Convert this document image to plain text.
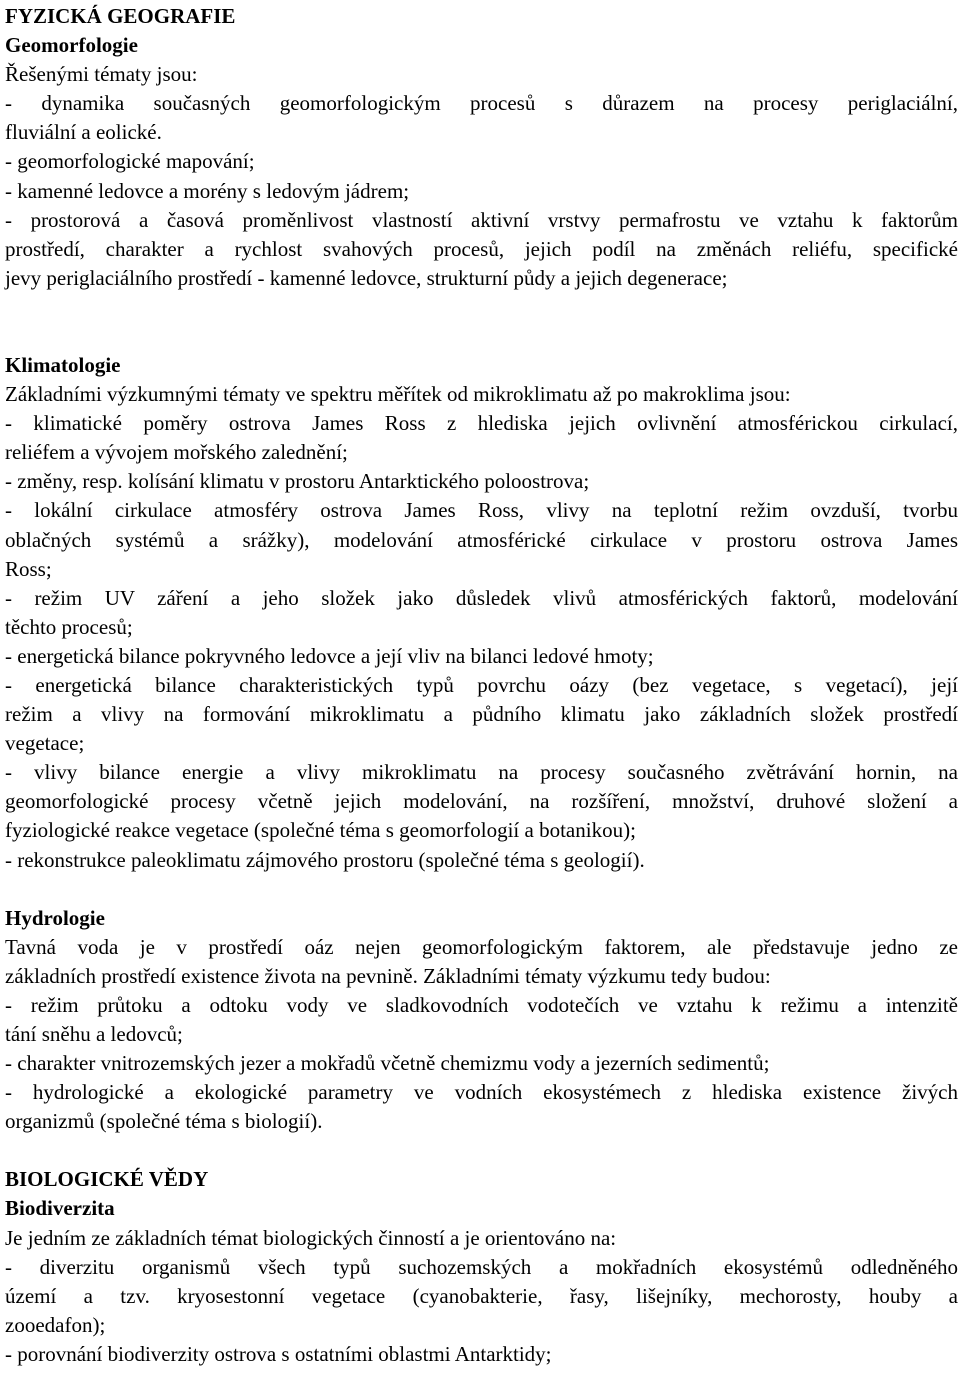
FYZICKÁ GEOGRAFIE
Geomorfologie
Řešenými tématy jsou:
- dynamika současných geomorfologickým procesů s důrazem na procesy periglaciální,
fluviální a eolické.
- geomorfologické mapování;
- kamenné ledovce a morény s ledovým jádrem;
- prostorová a časová proměnlivost vlastností aktivní vrstvy permafrostu ve vztahu k faktorům
prostředí, charakter a rychlost svahových procesů, jejich podíl na změnách reliéfu, specifické
jevy periglaciálního prostředí - kamenné ledovce, strukturní půdy a jejich degenerace;
Klimatologie
Základními výzkumnými tématy ve spektru měřítek od mikroklimatu až po makroklima jsou:
- klimatické poměry ostrova James Ross z hlediska jejich ovlivnění atmosférickou cirkulací,
reliéfem a vývojem mořského zalednění;
- změny, resp. kolísání klimatu v prostoru Antarktického poloostrova;
- lokální cirkulace atmosféry ostrova James Ross, vlivy na teplotní režim ovzduší, tvorbu
oblačných systémů a srážky), modelování atmosférické cirkulace v prostoru ostrova James
Ross;
- režim UV záření a jeho složek jako důsledek vlivů atmosférických faktorů, modelování
těchto procesů;
- energetická bilance pokryvného ledovce a její vliv na bilanci ledové hmoty;
- energetická bilance charakteristických typů povrchu oázy (bez vegetace, s vegetací), její
režim a vlivy na formování mikroklimatu a půdního klimatu jako základních složek prostředí
vegetace;
- vlivy bilance energie a vlivy mikroklimatu na procesy současného zvětrávání hornin, na
geomorfologické procesy včetně jejich modelování, na rozšíření, množství, druhové složení a
fyziologické reakce vegetace (společné téma s geomorfologií a botanikou);
- rekonstrukce paleoklimatu zájmového prostoru (společné téma s geologií).
Hydrologie
Tavná voda je v prostředí oáz nejen geomorfologickým faktorem, ale představuje jedno ze
základních prostředí existence života na pevnině. Základními tématy výzkumu tedy budou:
- režim průtoku a odtoku vody ve sladkovodních vodotečích ve vztahu k režimu a intenzitě
tání sněhu a ledovců;
- charakter vnitrozemských jezer a mokřadů včetně chemizmu vody a jezerních sedimentů;
- hydrologické a ekologické parametry ve vodních ekosystémech z hlediska existence živých
organizmů (společné téma s biologií).
BIOLOGICKÉ VĚDY
Biodiverzita
Je jedním ze základních témat biologických činností a je orientováno na:
- diverzitu organismů všech typů suchozemských a mokřadních ekosystémů odledněného
území a tzv. kryosestonní vegetace (cyanobakterie, řasy, lišejníky, mechorosty, houby a
zooedafon);
- porovnání biodiverzity ostrova s ostatními oblastmi Antarktidy;
